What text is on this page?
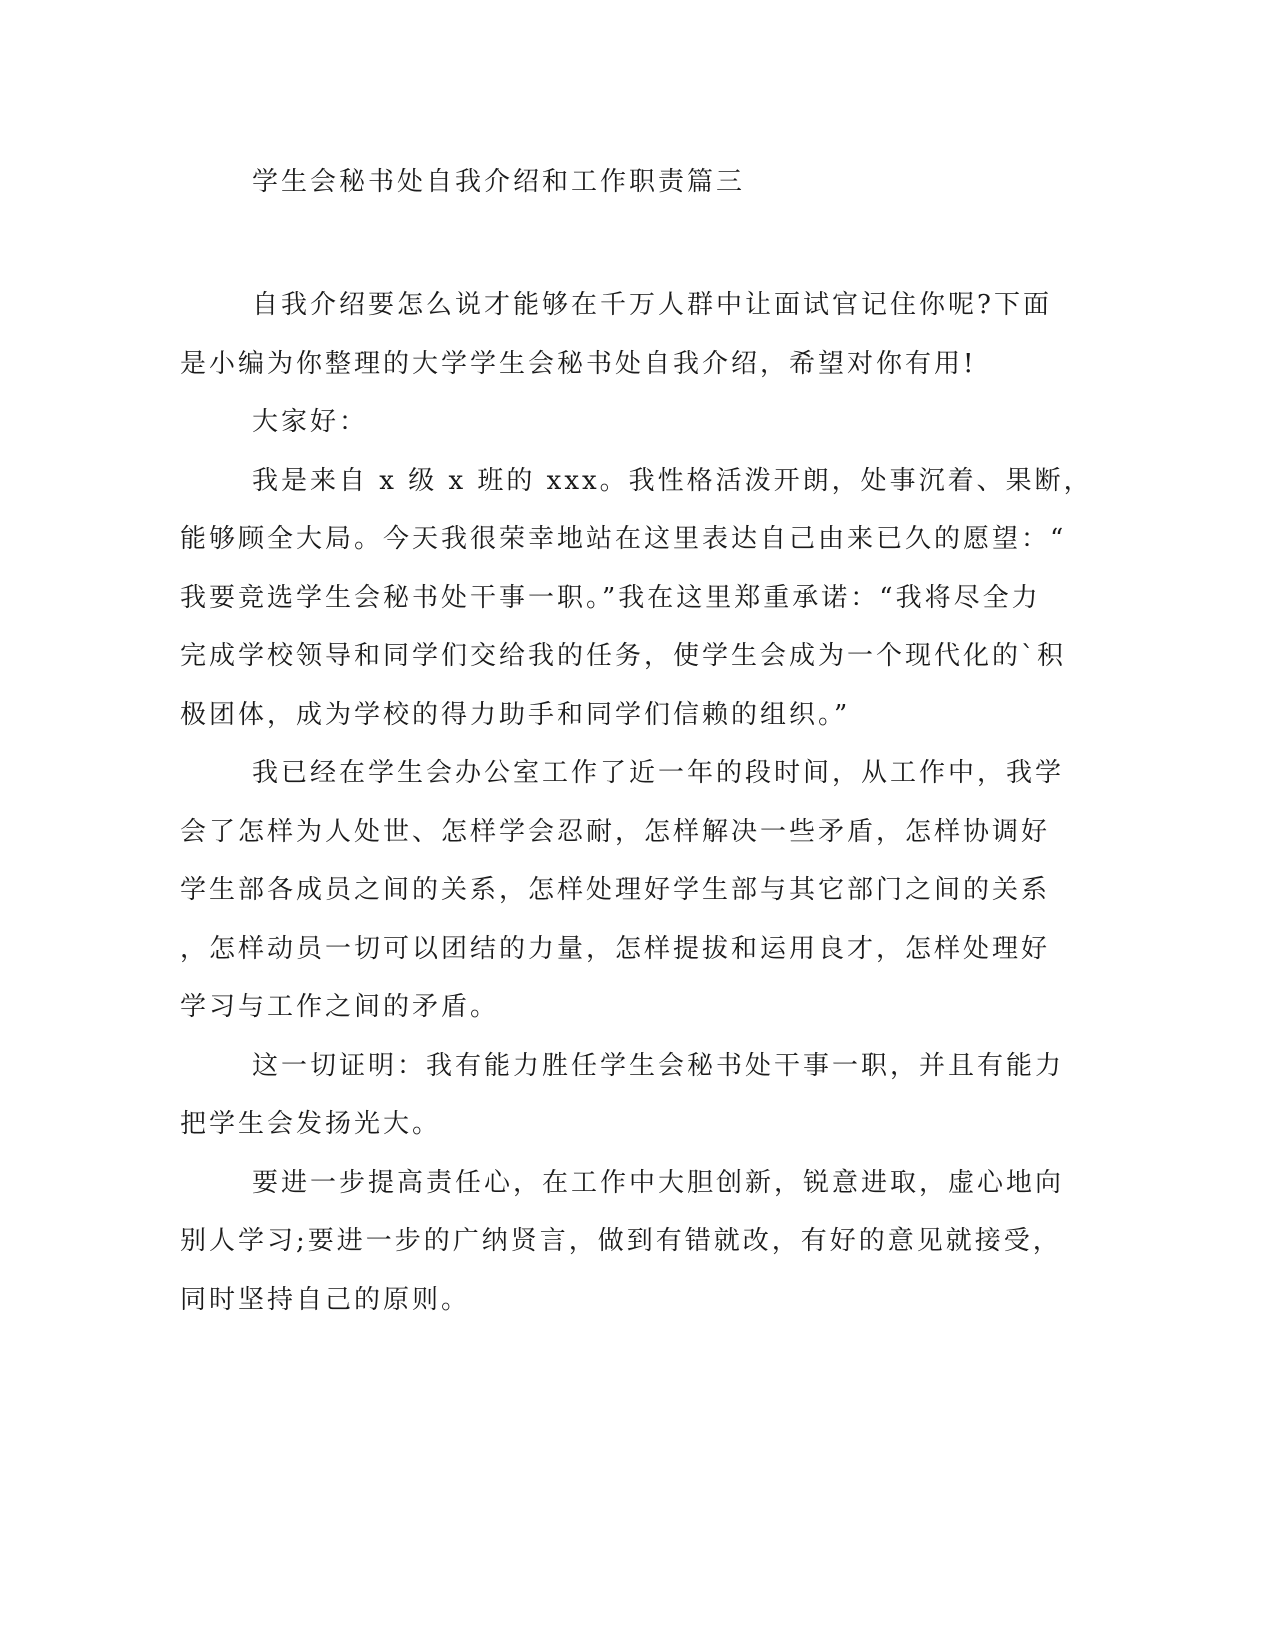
学生会秘书处自我介绍和工作职责篇三
自我介绍要怎么说才能够在千万人群中让面试官记住你呢?下面
是小编为你整理的大学学生会秘书处自我介绍，希望对你有用!
大家好：
我是来自 x 级 x 班的 xxx。我性格活泼开朗，处事沉着、果断，
能够顾全大局。今天我很荣幸地站在这里表达自己由来已久的愿望：“
我要竞选学生会秘书处干事一职。”我在这里郑重承诺：“我将尽全力
完成学校领导和同学们交给我的任务，使学生会成为一个现代化的`积
极团体，成为学校的得力助手和同学们信赖的组织。”
我已经在学生会办公室工作了近一年的段时间，从工作中，我学
会了怎样为人处世、怎样学会忍耐，怎样解决一些矛盾，怎样协调好
学生部各成员之间的关系，怎样处理好学生部与其它部门之间的关系
，怎样动员一切可以团结的力量，怎样提拔和运用良才，怎样处理好
学习与工作之间的矛盾。
这一切证明：我有能力胜任学生会秘书处干事一职，并且有能力
把学生会发扬光大。
要进一步提高责任心，在工作中大胆创新，锐意进取，虚心地向
别人学习;要进一步的广纳贤言，做到有错就改，有好的意见就接受，
同时坚持自己的原则。
